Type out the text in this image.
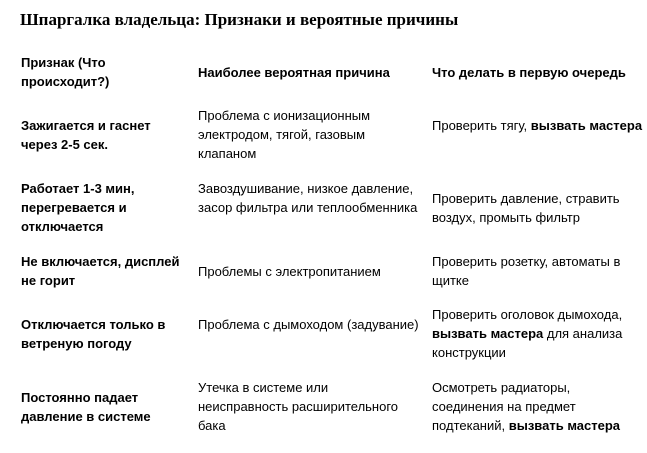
Шпаргалка владельца: Признаки и вероятные причины
Признак (Что происходит?)
Наиболее вероятная причина	Что делать в первую очередь
Зажигается и гаснет через 2-5 сек.
Проблема с ионизационным электродом, тягой, газовым клапаном
Проверить тягу, вызвать мастера
Работает 1-3 мин, перегревается и отключается
Завоздушивание, низкое давление, засор фильтра или теплообменника
Проверить давление, стравить воздух, промыть фильтр
Не включается, дисплей не горит
Проблемы с электропитанием
Проверить розетку, автоматы в щитке
Отключается только в ветреную погоду
Проблема с дымоходом (задувание)
Проверить оголовок дымохода, вызвать мастера для анализа конструкции
Постоянно падает давление в системе
Утечка в системе или неисправность расширительного бака
Осмотреть радиаторы, соединения на предмет подтеканий, вызвать мастера
